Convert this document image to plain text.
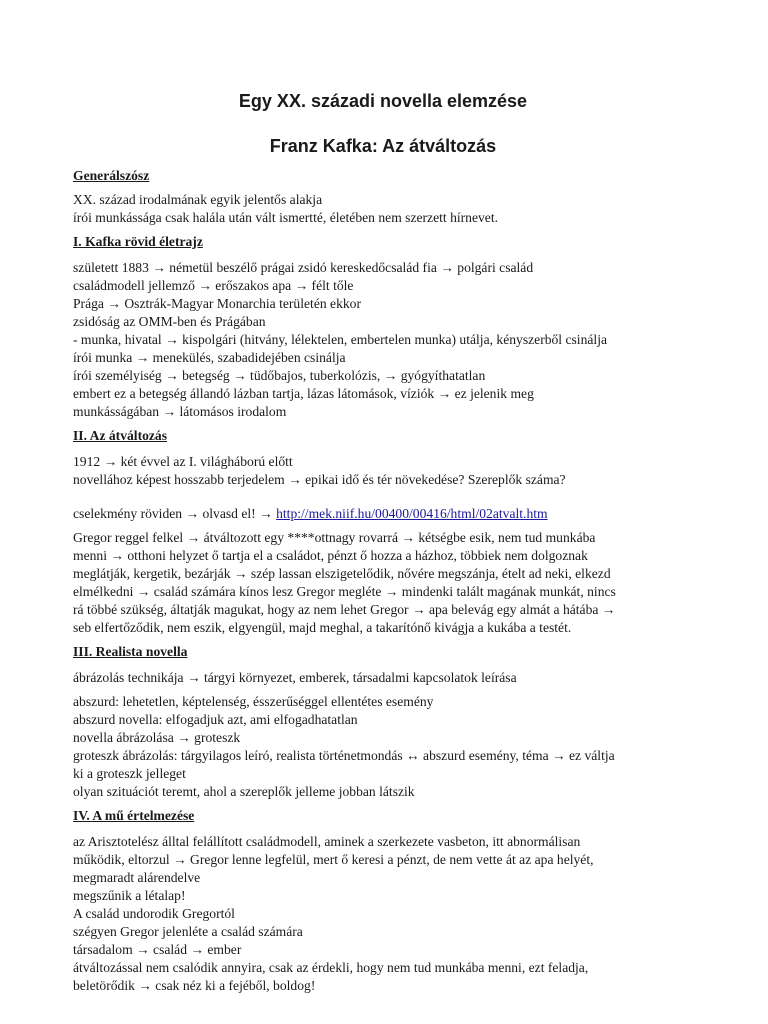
Egy XX. századi novella elemzése
Franz Kafka: Az átváltozás
Generálszósz
XX. század irodalmának egyik jelentős alakja
írói munkássága csak halála után vált ismertté, életében nem szerzett hírnevet.
I. Kafka rövid életrajz
született 1883 → németül beszélő prágai zsidó kereskedőcsalád fia → polgári család
családmodell jellemző → erőszakos apa → félt tőle
Prága → Osztrák-Magyar Monarchia területén ekkor
zsidóság az OMM-ben és Prágában
- munka, hivatal → kispolgári (hitvány, lélektelen, embertelen munka) utálja, kényszerből csinálja
írói munka → menekülés, szabadidejében csinálja
írói személyiség → betegség → tüdőbajos, tuberkolózis, → gyógyíthatatlan
embert ez a betegség állandó lázban tartja, lázas látomások, víziók → ez jelenik meg
munkásságában → látomásos irodalom
II. Az átváltozás
1912 → két évvel az I. világháború előtt
novellához képest hosszabb terjedelem → epikai idő és tér növekedése? Szereplők száma?
cselekmény röviden → olvasd el! → http://mek.niif.hu/00400/00416/html/02atvalt.htm
Gregor reggel felkel → átváltozott egy ****ottnagy rovarrá → kétségbe esik, nem tud munkába
menni → otthoni helyzet ő tartja el a családot, pénzt ő hozza a házhoz, többiek nem dolgoznak
meglátják, kergetik, bezárják → szép lassan elszigetelődik, nővére megszánja, ételt ad neki, elkezd
elmélkedni → család számára kínos lesz Gregor megléte → mindenki talált magának munkát, nincs
rá többé szükség, áltatják magukat, hogy az nem lehet Gregor → apa belevág egy almát a hátába →
seb elfertőződik, nem eszik, elgyengül, majd meghal, a takarítónő kivágja a kukába a testét.
III. Realista novella
ábrázolás technikája → tárgyi környezet, emberek, társadalmi kapcsolatok leírása
abszurd: lehetetlen, képtelenség, ésszerűséggel ellentétes esemény
abszurd novella: elfogadjuk azt, ami elfogadhatatlan
novella ábrázolása → groteszk
groteszk ábrázolás: tárgyilagos leíró, realista történetmondás ↔ abszurd esemény, téma → ez váltja
ki a groteszk jelleget
olyan szituációt teremt, ahol a szereplők jelleme jobban látszik
IV. A mű értelmezése
az Arisztotelész álltal felállított családmodell, aminek a szerkezete vasbeton, itt abnormálisan
működik, eltorzul → Gregor lenne legfelül, mert ő keresi a pénzt, de nem vette át az apa helyét,
megmaradt alárendelve
megszűnik a létalap!
A család undorodik Gregortól
szégyen Gregor jelenléte a család számára
társadalom → család → ember
átváltozással nem csalódik annyira, csak az érdekli, hogy nem tud munkába menni, ezt feladja,
beletörődik → csak néz ki a fejéből, boldog!
